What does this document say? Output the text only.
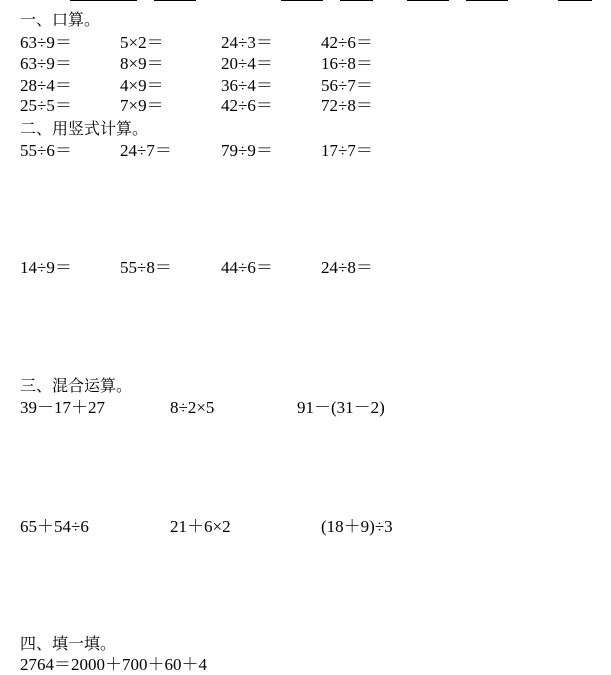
一、口算。
63÷9＝	5×2＝	24÷3＝	42÷6＝
63÷9＝	8×9＝	20÷4＝	16÷8＝
28÷4＝	4×9＝	36÷4＝	56÷7＝
25÷5＝	7×9＝	42÷6＝	72÷8＝
二、用竖式计算。
55÷6＝	24÷7＝	79÷9＝	17÷7＝
14÷9＝	55÷8＝	44÷6＝	24÷8＝
三、混合运算。
39－17＋27	8÷2×5	91－(31－2)
65＋54÷6	21＋6×2	(18＋9)÷3
四、填一填。
2764＝2000＋700＋60＋4
